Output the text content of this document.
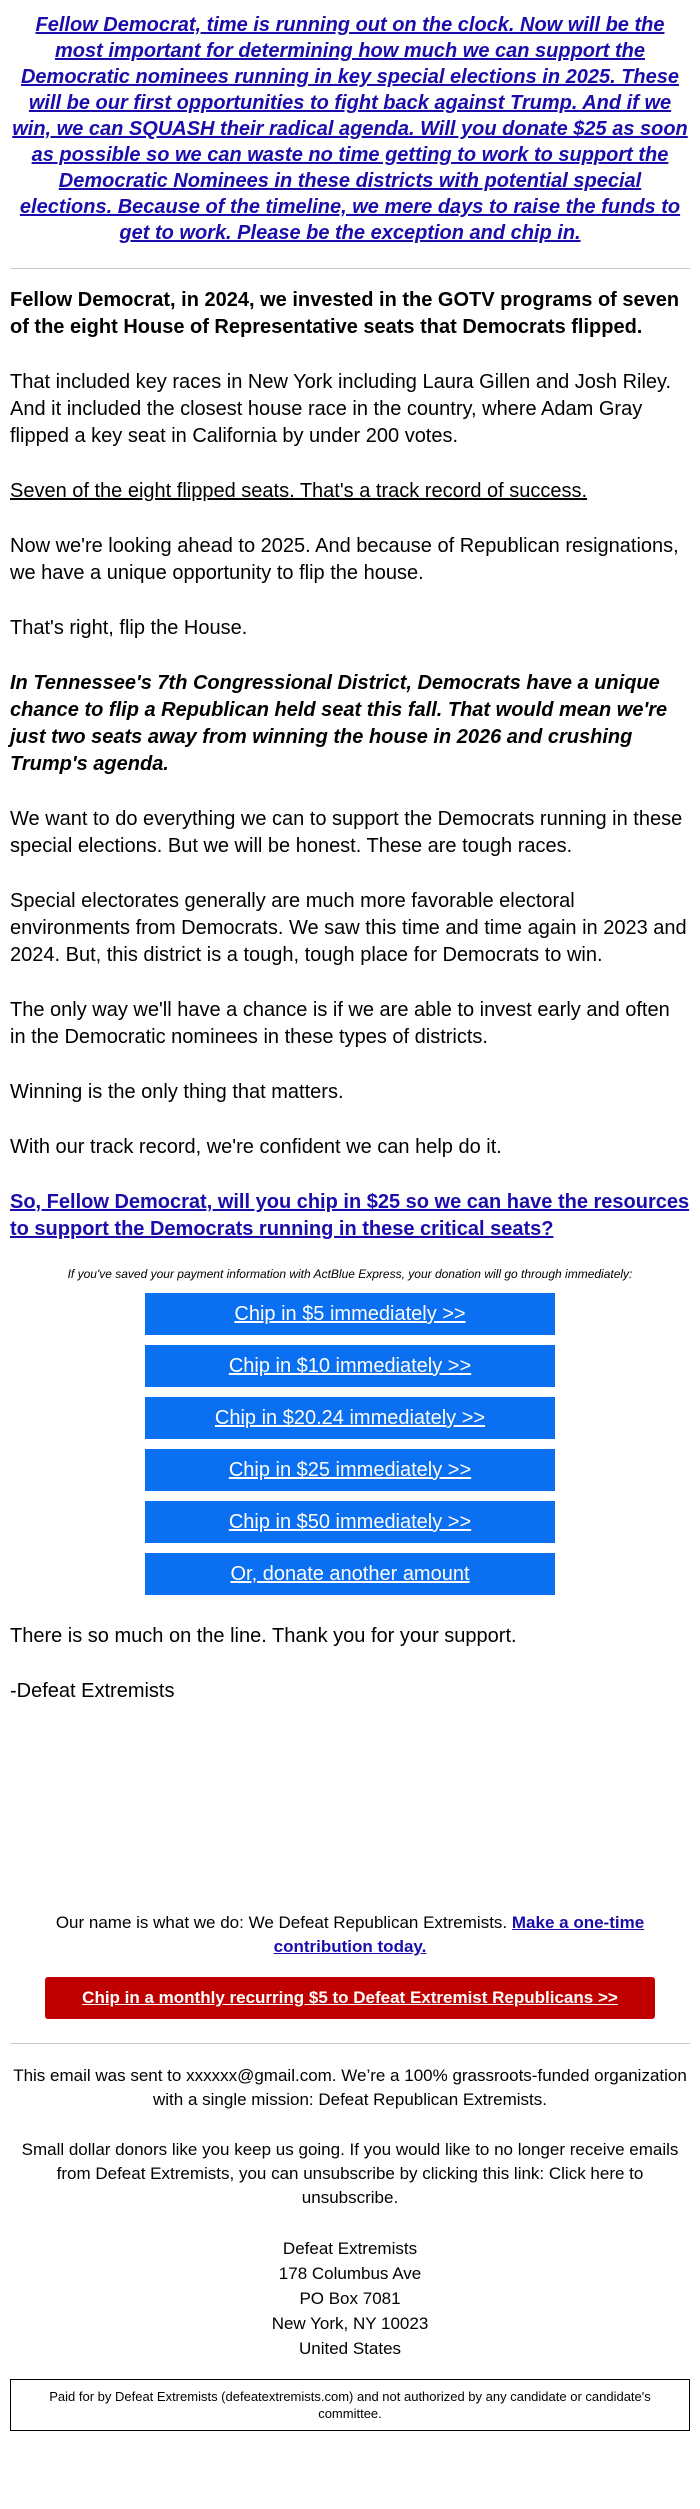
Fellow Democrat, time is running out on the clock. Now will be the most important for determining how much we can support the Democratic nominees running in key special elections in 2025. These will be our first opportunities to fight back against Trump. And if we win, we can SQUASH their radical agenda. Will you donate $25 as soon as possible so we can waste no time getting to work to support the Democratic Nominees in these districts with potential special elections. Because of the timeline, we mere days to raise the funds to get to work. Please be the exception and chip in.

Fellow Democrat, in 2024, we invested in the GOTV programs of seven of the eight House of Representative seats that Democrats flipped.

That included key races in New York including Laura Gillen and Josh Riley. And it included the closest house race in the country, where Adam Gray flipped a key seat in California by under 200 votes.

Seven of the eight flipped seats. That's a track record of success.

Now we're looking ahead to 2025. And because of Republican resignations, we have a unique opportunity to flip the house.

That's right, flip the House.

In Tennessee's 7th Congressional District, Democrats have a unique chance to flip a Republican held seat this fall. That would mean we're just two seats away from winning the house in 2026 and crushing Trump's agenda.

We want to do everything we can to support the Democrats running in these special elections. But we will be honest. These are tough races.

Special electorates generally are much more favorable electoral environments from Democrats. We saw this time and time again in 2023 and 2024. But, this district is a tough, tough place for Democrats to win.

The only way we'll have a chance is if we are able to invest early and often in the Democratic nominees in these types of districts.

Winning is the only thing that matters.

With our track record, we're confident we can help do it.

So, Fellow Democrat, will you chip in $25 so we can have the resources to support the Democrats running in these critical seats?

If you've saved your payment information with ActBlue Express, your donation will go through immediately:
Chip in $5 immediately >>
Chip in $10 immediately >>
Chip in $20.24 immediately >>
Chip in $25 immediately >>
Chip in $50 immediately >>
Or, donate another amount

There is so much on the line. Thank you for your support.

-Defeat Extremists

Our name is what we do: We Defeat Republican Extremists. Make a one-time contribution today.
Chip in a monthly recurring $5 to Defeat Extremist Republicans >>
This email was sent to xxxxxx@gmail.com. We’re a 100% grassroots-funded organization with a single mission: Defeat Republican Extremists.
Small dollar donors like you keep us going. If you would like to no longer receive emails from Defeat Extremists, you can unsubscribe by clicking this link: Click here to unsubscribe.
Defeat Extremists
178 Columbus Ave
PO Box 7081
New York, NY 10023
United States
Paid for by Defeat Extremists (defeatextremists.com) and not authorized by any candidate or candidate's committee.
